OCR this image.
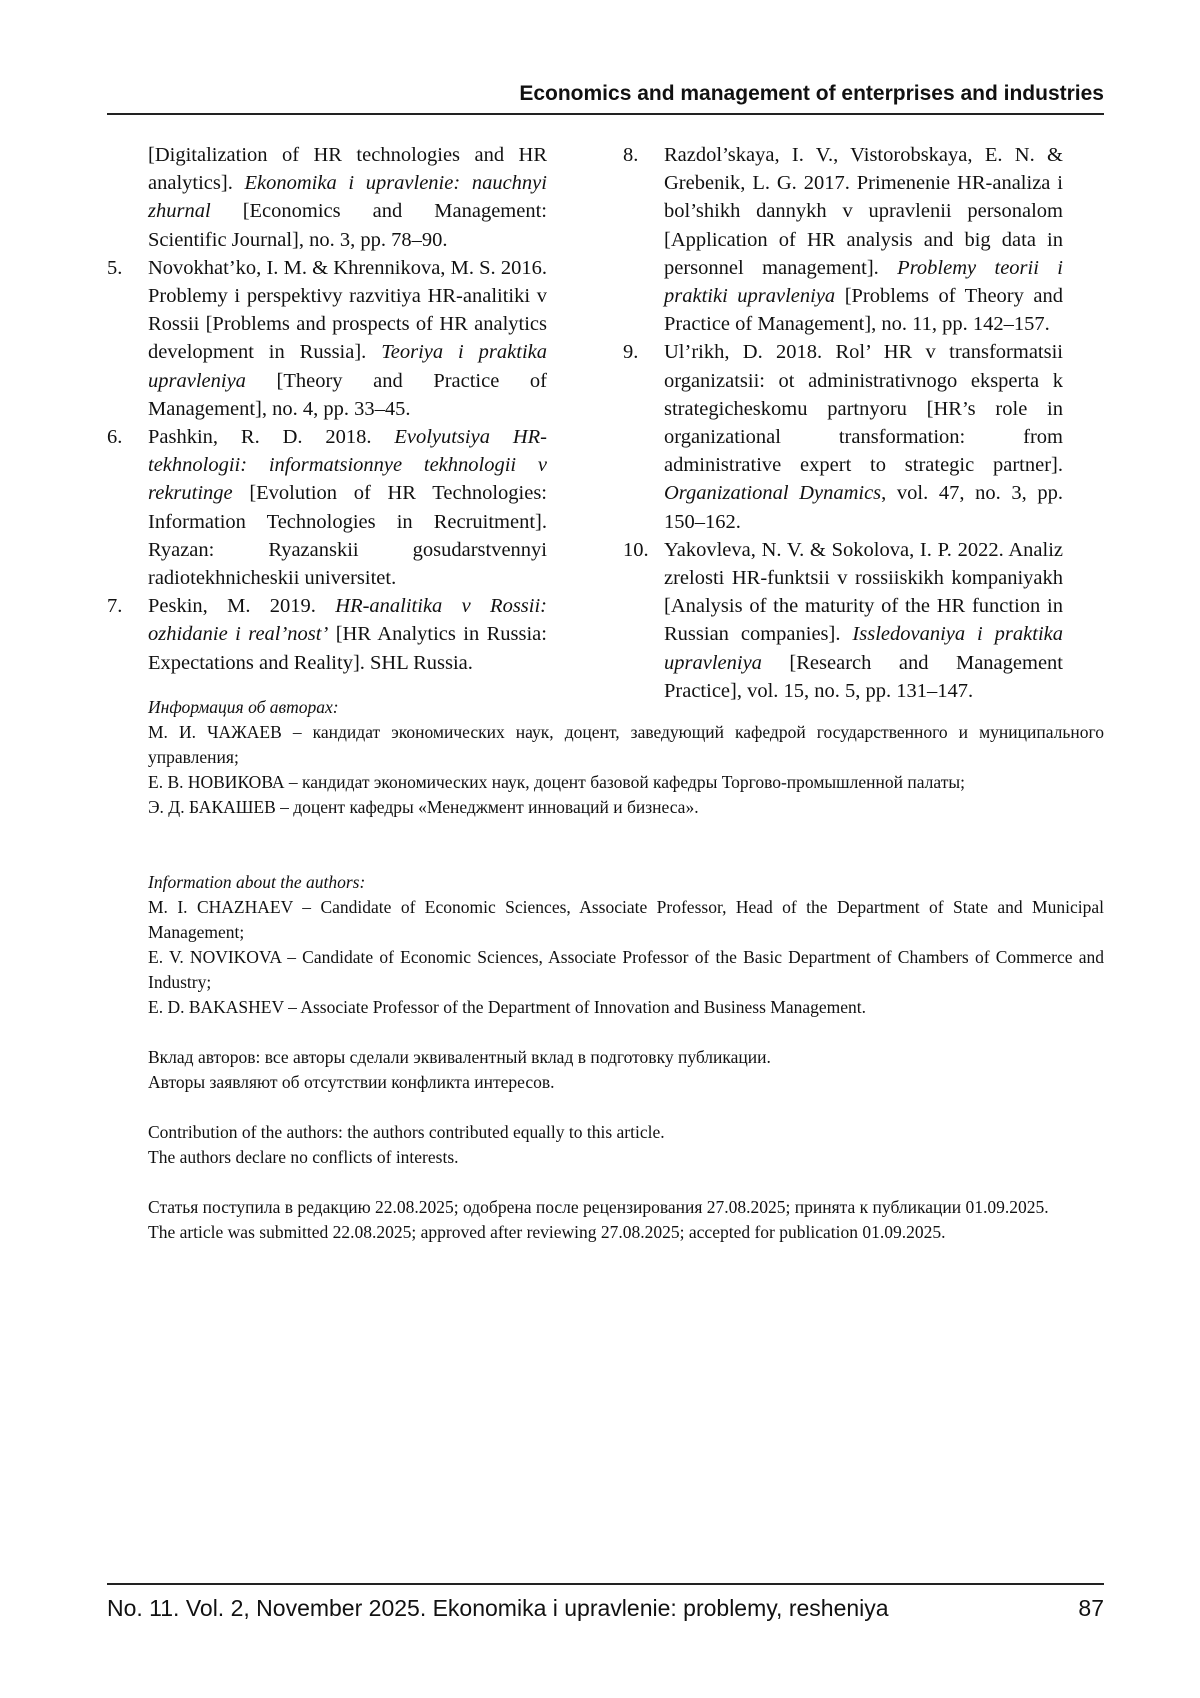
Economics and management of enterprises and industries
[Digitalization of HR technologies and HR analytics]. Ekonomika i upravlenie: nauchnyi zhurnal [Economics and Management: Scientific Journal], no. 3, pp. 78–90.
5.	Novokhat’ko, I. M. & Khrennikova, M. S. 2016. Problemy i perspektivy razvitiya HR-analitiki v Rossii [Problems and prospects of HR analytics development in Russia]. Teoriya i praktika upravleniya [Theory and Practice of Management], no. 4, pp. 33–45.
6.	Pashkin, R. D. 2018. Evolyutsiya HR-tekhnologii: informatsionnye tekhnologii v rekrutinge [Evolution of HR Technologies: Information Technologies in Recruitment]. Ryazan: Ryazanskii gosudarstvennyi radiotekhnicheskii universitet.
7.	Peskin, M. 2019. HR-analitika v Rossii: ozhidanie i real’nost’ [HR Analytics in Russia: Expectations and Reality]. SHL Russia.
8.	Razdol’skaya, I. V., Vistorobskaya, E. N. & Grebenik, L. G. 2017. Primenenie HR-analiza i bol’shikh dannykh v upravlenii personalom [Application of HR analysis and big data in personnel management]. Problemy teorii i praktiki upravleniya [Problems of Theory and Practice of Management], no. 11, pp. 142–157.
9.	Ul’rikh, D. 2018. Rol’ HR v transformatsii organizatsii: ot administrativnogo eksperta k strategicheskomu partnyoru [HR’s role in organizational transformation: from administrative expert to strategic partner]. Organizational Dynamics, vol. 47, no. 3, pp. 150–162.
10. Yakovleva, N. V. & Sokolova, I. P. 2022. Analiz zrelosti HR-funktsii v rossiiskikh kompaniyakh [Analysis of the maturity of the HR function in Russian companies]. Issledovaniya i praktika upravleniya [Research and Management Practice], vol. 15, no. 5, pp. 131–147.

Информация об авторах:

М. И. ЧАЖАЕВ – кандидат экономических наук, доцент, заведующий кафедрой государственного и муниципального управления;

Е. В. НОВИКОВА – кандидат экономических наук, доцент базовой кафедры Торгово-промышленной палаты;

Э. Д. БАКАШЕВ – доцент кафедры «Менеджмент инноваций и бизнеса».

Information about the authors:

M. I. CHAZHAEV – Candidate of Economic Sciences, Associate Professor, Head of the Department of State and Municipal Management;

E. V. NOVIKOVA – Candidate of Economic Sciences, Associate Professor of the Basic Department of Chambers of Commerce and Industry;

E. D. BAKASHEV – Associate Professor of the Department of Innovation and Business Management.

Вклад авторов: все авторы сделали эквивалентный вклад в подготовку публикации.

Авторы заявляют об отсутствии конфликта интересов.

Contribution of the authors: the authors contributed equally to this article.

The authors declare no conflicts of interests.

Статья поступила в редакцию 22.08.2025; одобрена после рецензирования 27.08.2025; принята к публикации 01.09.2025.

The article was submitted 22.08.2025; approved after reviewing 27.08.2025; accepted for publication 01.09.2025.

No. 11. Vol. 2, November 2025. Ekonomika i upravlenie: problemy, resheniya	87
